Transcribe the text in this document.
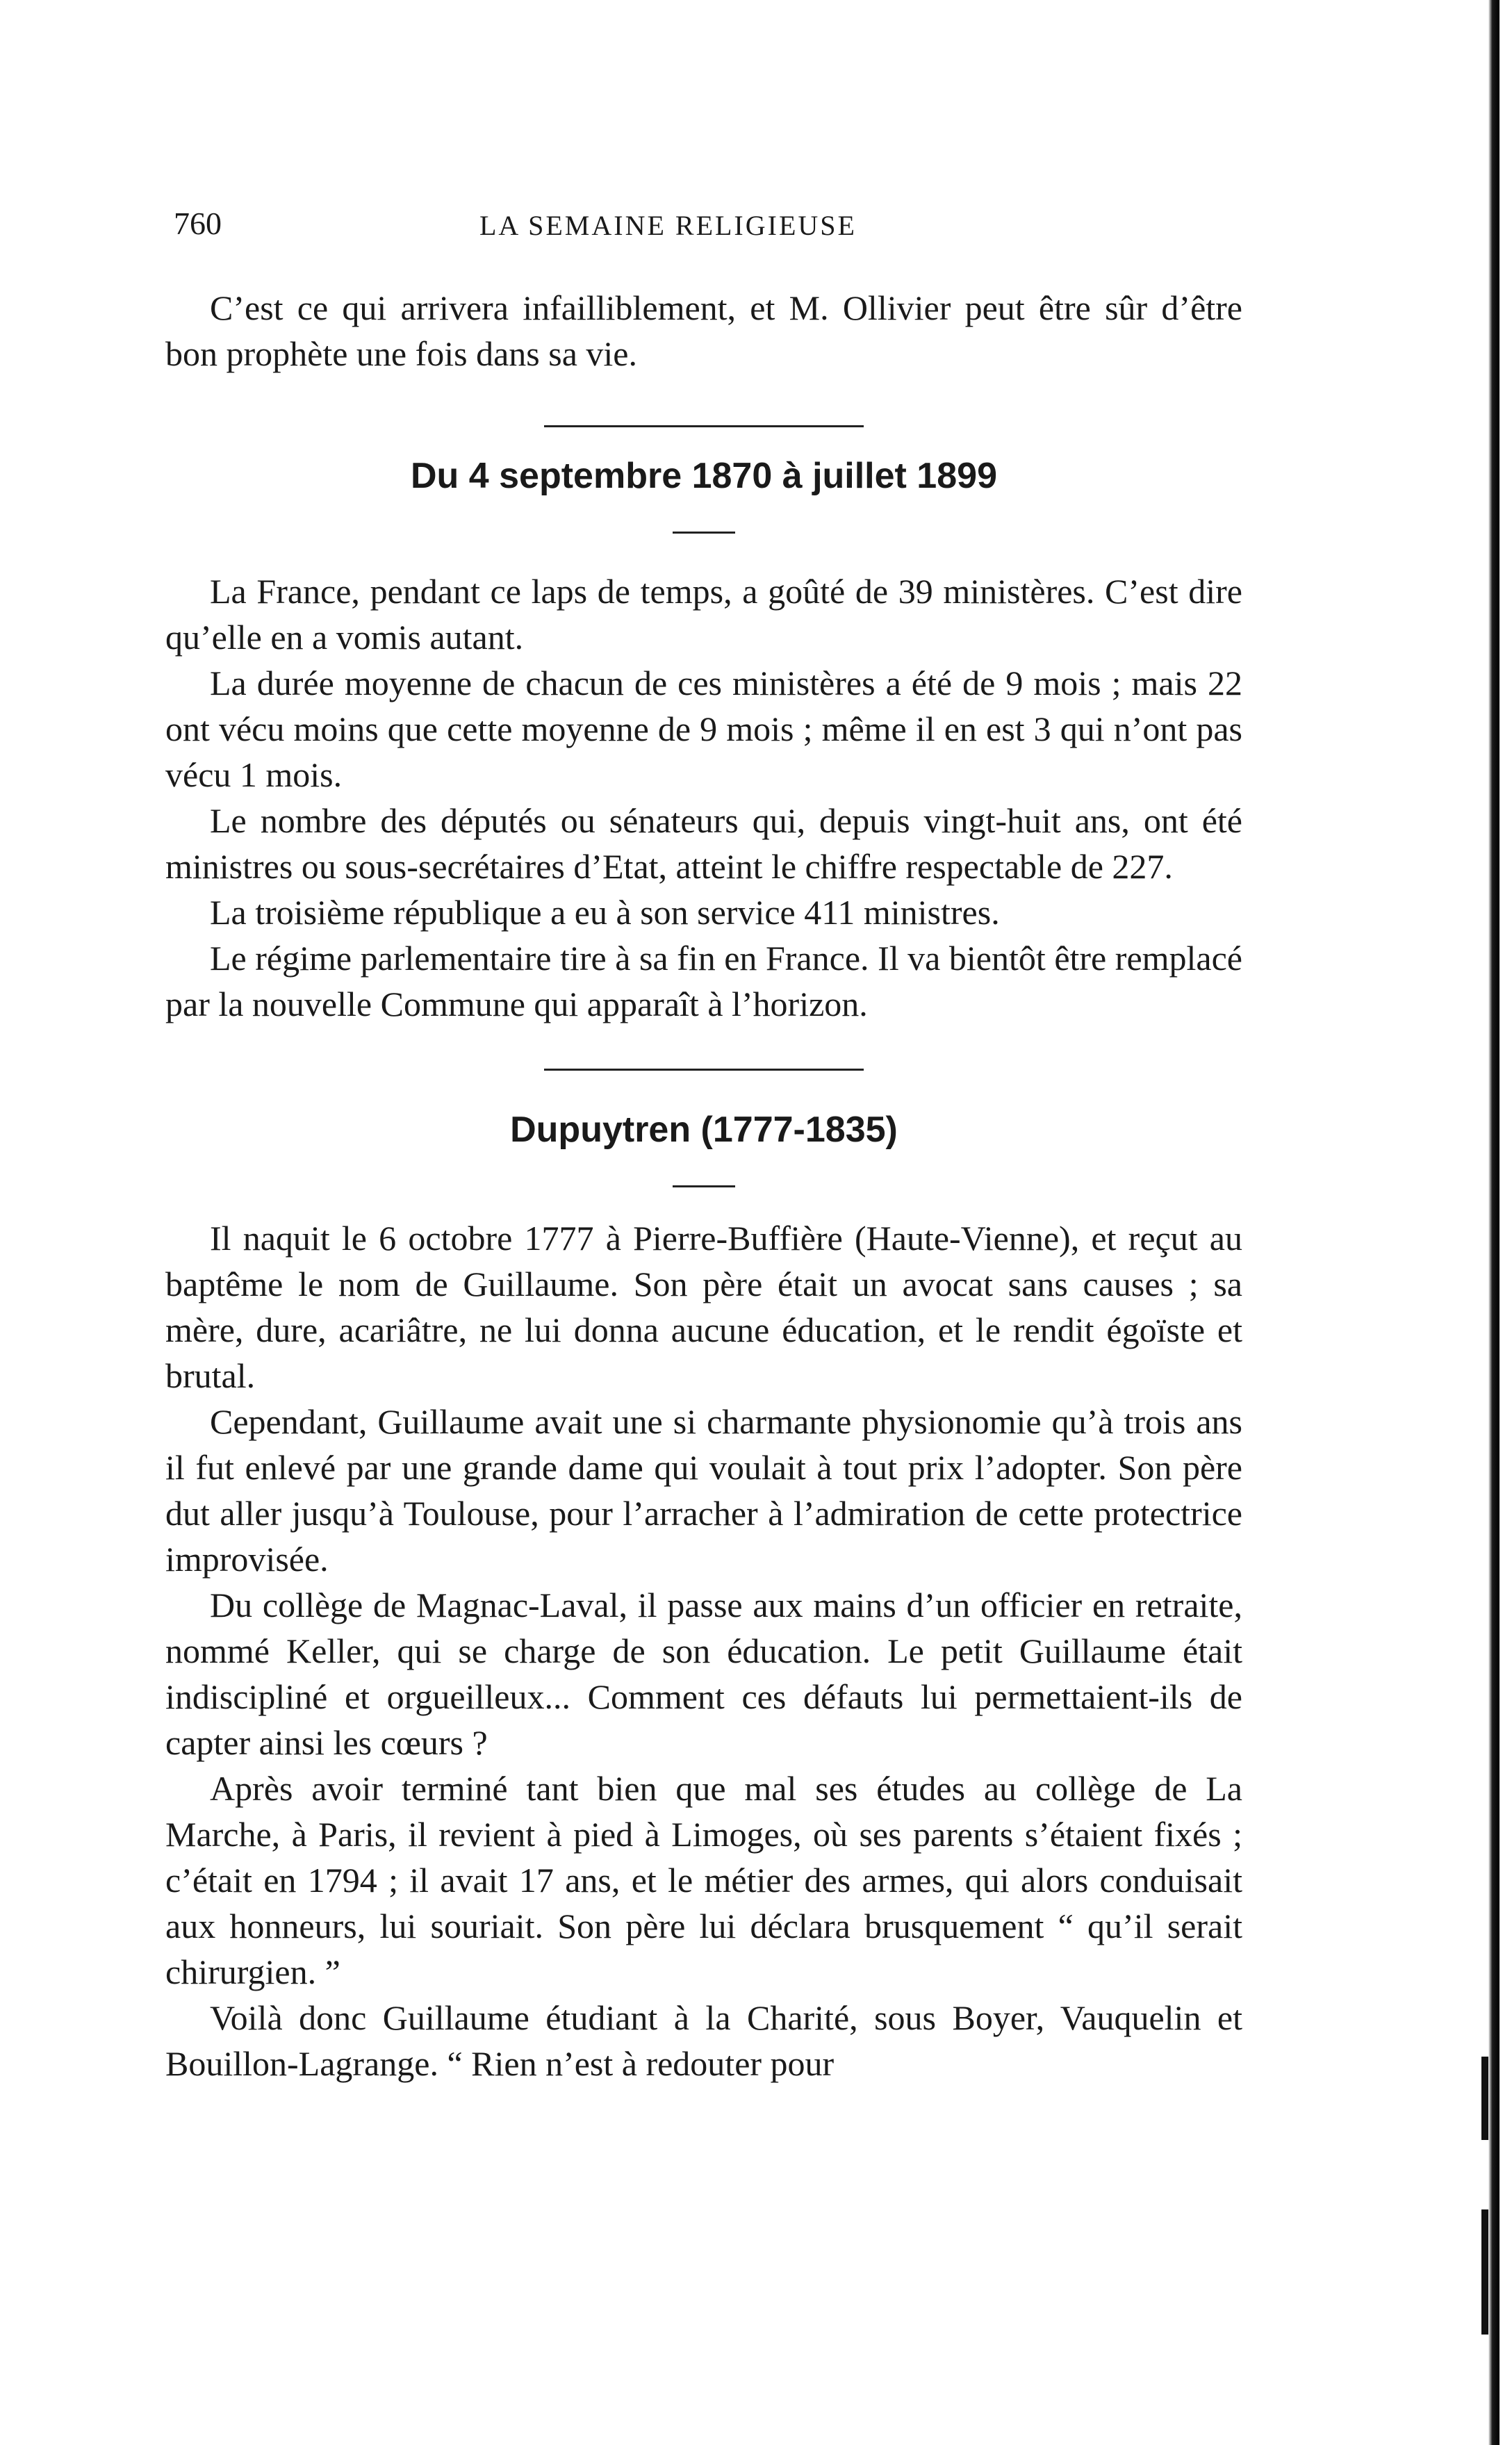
760	LA SEMAINE RELIGIEUSE

C’est ce qui arrivera infailliblement, et M. Ollivier peut être sûr d’être bon prophète une fois dans sa vie.

Du 4 septembre 1870 à juillet 1899

La France, pendant ce laps de temps, a goûté de 39 ministères. C’est dire qu’elle en a vomis autant.

La durée moyenne de chacun de ces ministères a été de 9 mois ; mais 22 ont vécu moins que cette moyenne de 9 mois ; même il en est 3 qui n’ont pas vécu 1 mois.

Le nombre des députés ou sénateurs qui, depuis vingt-huit ans, ont été ministres ou sous-secrétaires d’Etat, atteint le chiffre respectable de 227.

La troisième république a eu à son service 411 ministres.

Le régime parlementaire tire à sa fin en France. Il va bientôt être remplacé par la nouvelle Commune qui apparaît à l’horizon.

Dupuytren (1777-1835)

Il naquit le 6 octobre 1777 à Pierre-Buffière (Haute-Vienne), et reçut au baptême le nom de Guillaume. Son père était un avocat sans causes ; sa mère, dure, acariâtre, ne lui donna aucune éducation, et le rendit égoïste et brutal.

Cependant, Guillaume avait une si charmante physionomie qu’à trois ans il fut enlevé par une grande dame qui voulait à tout prix l’adopter. Son père dut aller jusqu’à Toulouse, pour l’arracher à l’admiration de cette protectrice improvisée.

Du collège de Magnac-Laval, il passe aux mains d’un officier en retraite, nommé Keller, qui se charge de son éducation. Le petit Guillaume était indiscipliné et orgueilleux... Comment ces défauts lui permettaient-ils de capter ainsi les cœurs ?

Après avoir terminé tant bien que mal ses études au collège de La Marche, à Paris, il revient à pied à Limoges, où ses parents s’étaient fixés ; c’était en 1794 ; il avait 17 ans, et le métier des armes, qui alors conduisait aux honneurs, lui souriait. Son père lui déclara brusquement “ qu’il serait chirurgien. ”

Voilà donc Guillaume étudiant à la Charité, sous Boyer, Vauquelin et Bouillon-Lagrange. “ Rien n’est à redouter pour
